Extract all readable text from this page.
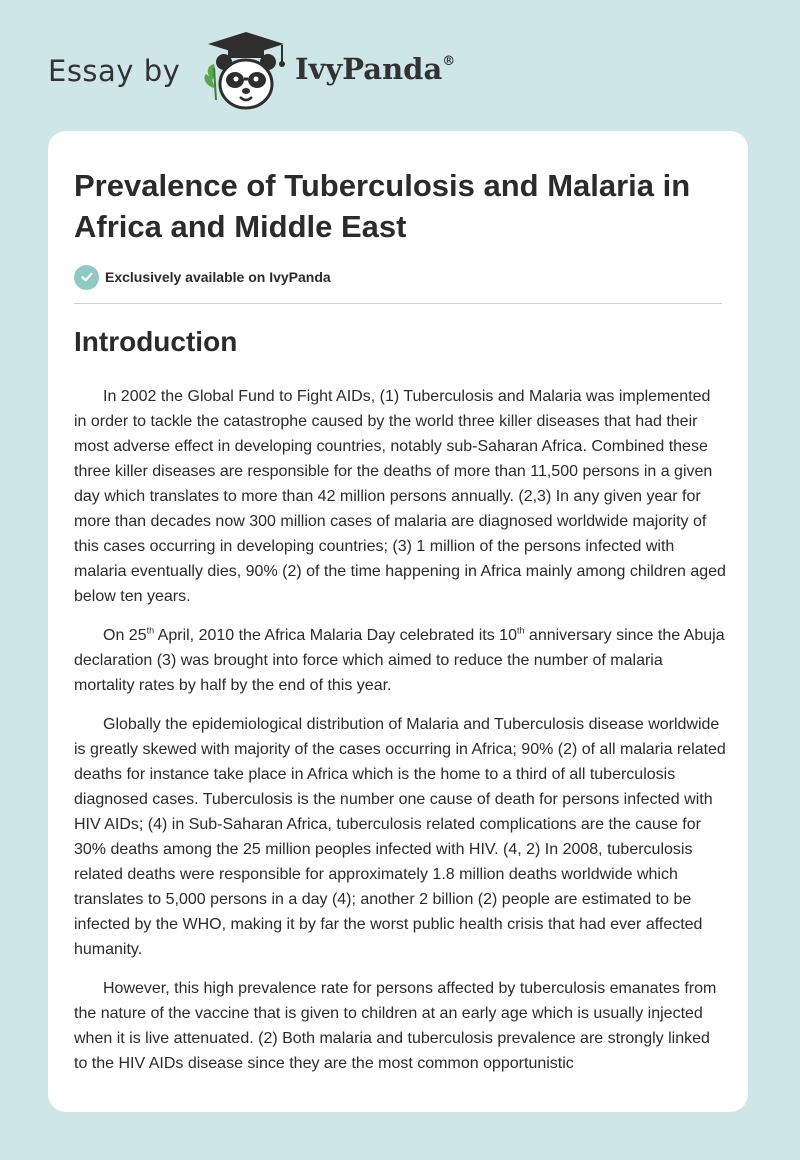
Essay by	IvyPanda®
Prevalence of Tuberculosis and Malaria in Africa and Middle East
Exclusively available on IvyPanda
Introduction

In 2002 the Global Fund to Fight AIDs, (1) Tuberculosis and Malaria was implemented in order to tackle the catastrophe caused by the world three killer diseases that had their most adverse effect in developing countries, notably sub-Saharan Africa. Combined these three killer diseases are responsible for the deaths of more than 11,500 persons in a given day which translates to more than 42 million persons annually. (2,3) In any given year for more than decades now 300 million cases of malaria are diagnosed worldwide majority of this cases occurring in developing countries; (3) 1 million of the persons infected with malaria eventually dies, 90% (2) of the time happening in Africa mainly among children aged below ten years.

On 25th April, 2010 the Africa Malaria Day celebrated its 10th anniversary since the Abuja declaration (3) was brought into force which aimed to reduce the number of malaria mortality rates by half by the end of this year.

Globally the epidemiological distribution of Malaria and Tuberculosis disease worldwide is greatly skewed with majority of the cases occurring in Africa; 90% (2) of all malaria related deaths for instance take place in Africa which is the home to a third of all tuberculosis diagnosed cases. Tuberculosis is the number one cause of death for persons infected with HIV AIDs; (4) in Sub-Saharan Africa, tuberculosis related complications are the cause for 30% deaths among the 25 million peoples infected with HIV. (4, 2) In 2008, tuberculosis related deaths were responsible for approximately 1.8 million deaths worldwide which translates to 5,000 persons in a day (4); another 2 billion (2) people are estimated to be infected by the WHO, making it by far the worst public health crisis that had ever affected humanity.

However, this high prevalence rate for persons affected by tuberculosis emanates from the nature of the vaccine that is given to children at an early age which is usually injected when it is live attenuated. (2) Both malaria and tuberculosis prevalence are strongly linked to the HIV AIDs disease since they are the most common opportunistic
